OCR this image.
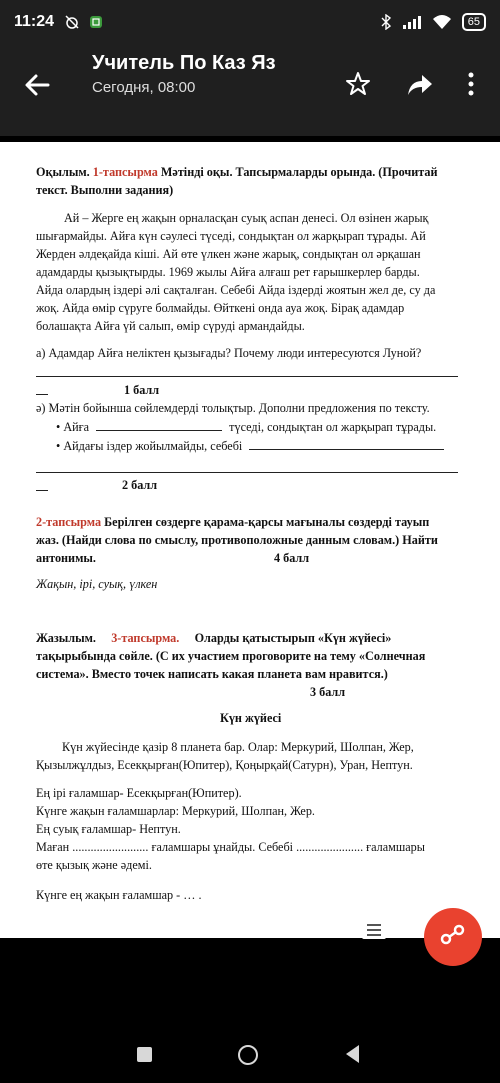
11:24	65
Учитель По Каз Яз
Сегодня, 08:00

Оқылым. 1-тапсырма Мәтінді оқы. Тапсырмаларды орында. (Прочитай

текст. Выполни задания)

Ай – Жерге ең жақын орналасқан суық аспан денесі. Ол өзінен жарық

шығармайды. Айға күн сәулесі түседі, сондықтан ол жарқырап тұрады. Ай

Жерден әлдеқайда кіші. Ай өте үлкен және жарық, сондықтан ол әрқашан

адамдарды қызықтырды. 1969 жылы Айға алғаш рет ғарышкерлер барды.

Айда олардың іздері әлі сақталған. Себебі Айда іздерді жоятын жел де, су да

жоқ. Айда өмір сүруге болмайды. Өйткені онда ауа жоқ. Бірақ адамдар

болашақта Айға үй салып, өмір сүруді армандайды.

а) Адамдар Айға неліктен қызығады? Почему люди интересуются Луной?

1 балл

ә) Мәтін бойынша сөйлемдерді толықтыр. Дополни предложения по тексту.

• Айға	түседі, сондықтан ол жарқырап тұрады.

• Айдағы іздер жойылмайды, себебі

2 балл

2-тапсырма Берілген сөздерге қарама-қарсы мағыналы сөздерді тауып

жаз. (Найди слова по смыслу, противоположные данным словам.) Найти

антонимы.	4 балл

Жақын, ірі, суық, үлкен

Жазылым. 3-тапсырма. Оларды қатыстырып «Күн жүйесі»

тақырыбында сөйле. (С их участием проговорите на тему «Солнечная

система». Вместо точек написать какая планета вам нравится.)

3 балл

Күн жүйесі

Күн жүйесінде қазір 8 планета бар. Олар: Меркурий, Шолпан, Жер,

Қызылжұлдыз, Есекқырған(Юпитер), Қоңырқай(Сатурн), Уран, Нептун.

Ең ірі ғаламшар- Есекқырған(Юпитер).

Күнге жақын ғаламшарлар: Меркурий, Шолпан, Жер.

Ең суық ғаламшар- Нептун.

Маған ......................... ғаламшары ұнайды. Себебі ...................... ғаламшары

өте қызық және әдемі.

Күнге ең жақын ғаламшар - … .
